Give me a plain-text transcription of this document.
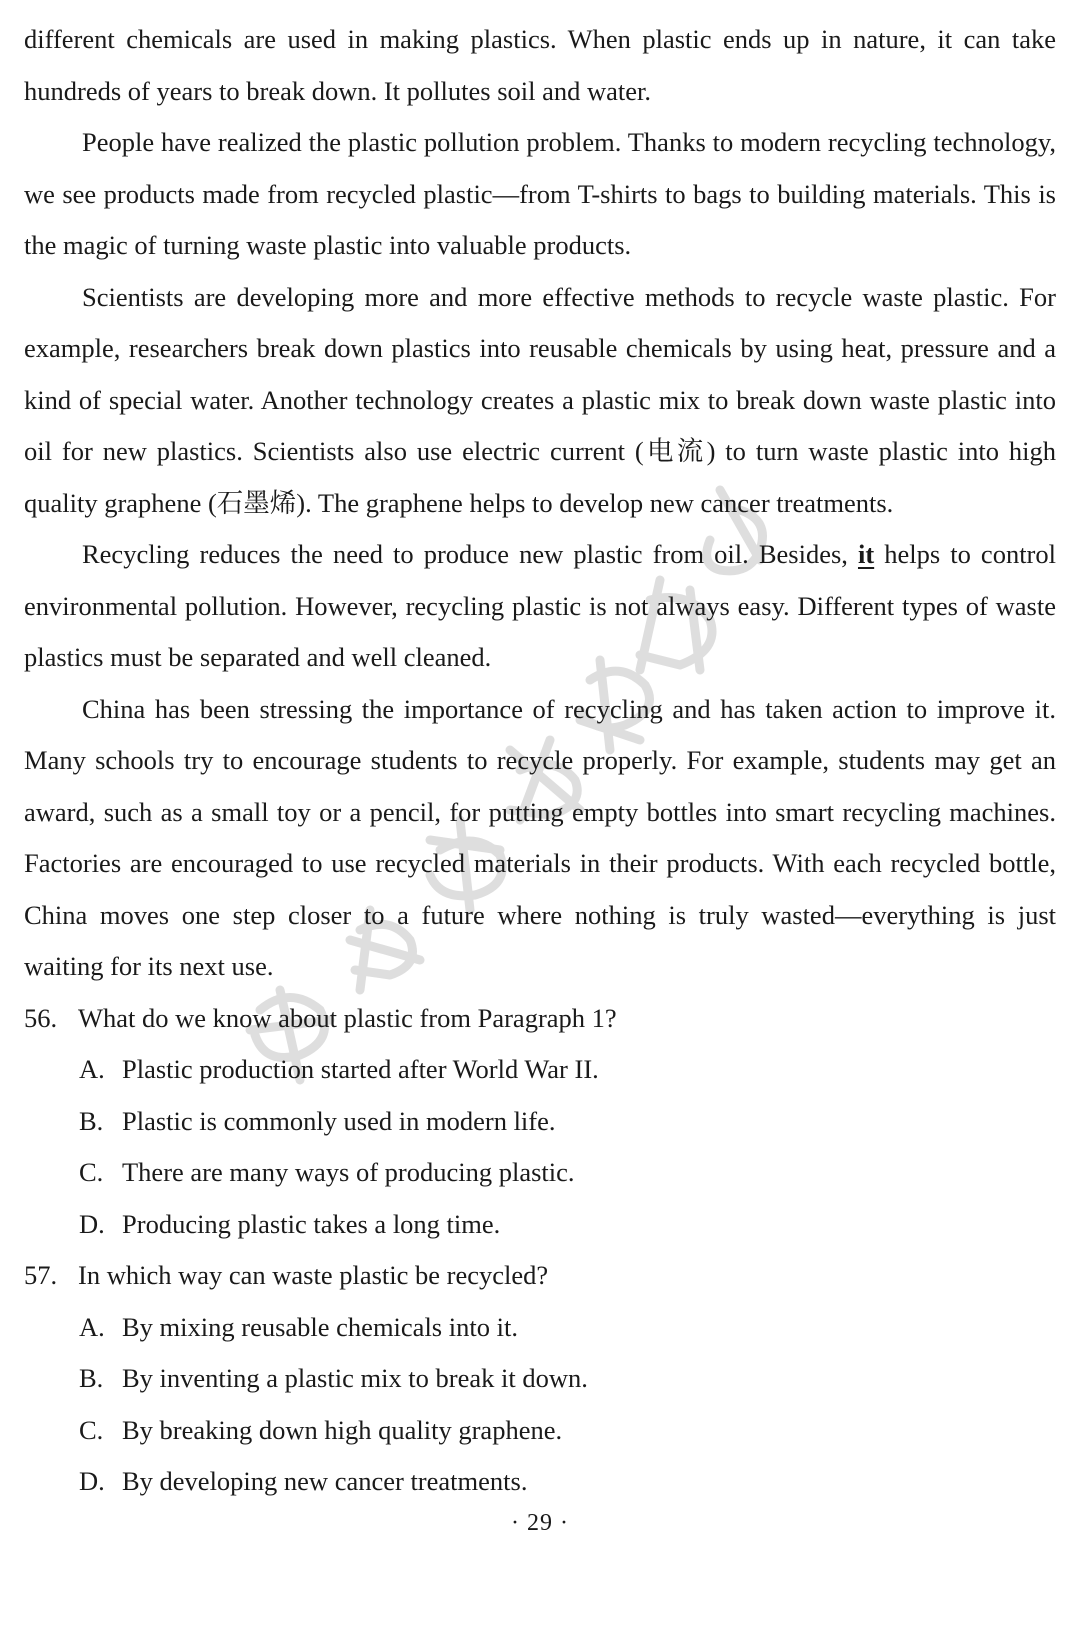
different chemicals are used in making plastics. When plastic ends up in nature, it can take hundreds of years to break down. It pollutes soil and water.

People have realized the plastic pollution problem. Thanks to modern recycling technology, we see products made from recycled plastic—from T-shirts to bags to building materials. This is the magic of turning waste plastic into valuable products.

Scientists are developing more and more effective methods to recycle waste plastic. For example, researchers break down plastics into reusable chemicals by using heat, pressure and a kind of special water. Another technology creates a plastic mix to break down waste plastic into oil for new plastics. Scientists also use electric current (电流) to turn waste plastic into high quality graphene (石墨烯). The graphene helps to develop new cancer treatments.

Recycling reduces the need to produce new plastic from oil. Besides, it helps to control environmental pollution. However, recycling plastic is not always easy. Different types of waste plastics must be separated and well cleaned.

China has been stressing the importance of recycling and has taken action to improve it. Many schools try to encourage students to recycle properly. For example, students may get an award, such as a small toy or a pencil, for putting empty bottles into smart recycling machines. Factories are encouraged to use recycled materials in their products. With each recycled bottle, China moves one step closer to a future where nothing is truly wasted—everything is just waiting for its next use.

56. What do we know about plastic from Paragraph 1?
A. Plastic production started after World War II.
B. Plastic is commonly used in modern life.
C. There are many ways of producing plastic.
D. Producing plastic takes a long time.
57. In which way can waste plastic be recycled?
A. By mixing reusable chemicals into it.
B. By inventing a plastic mix to break it down.
C. By breaking down high quality graphene.
D. By developing new cancer treatments.
· 29 ·
